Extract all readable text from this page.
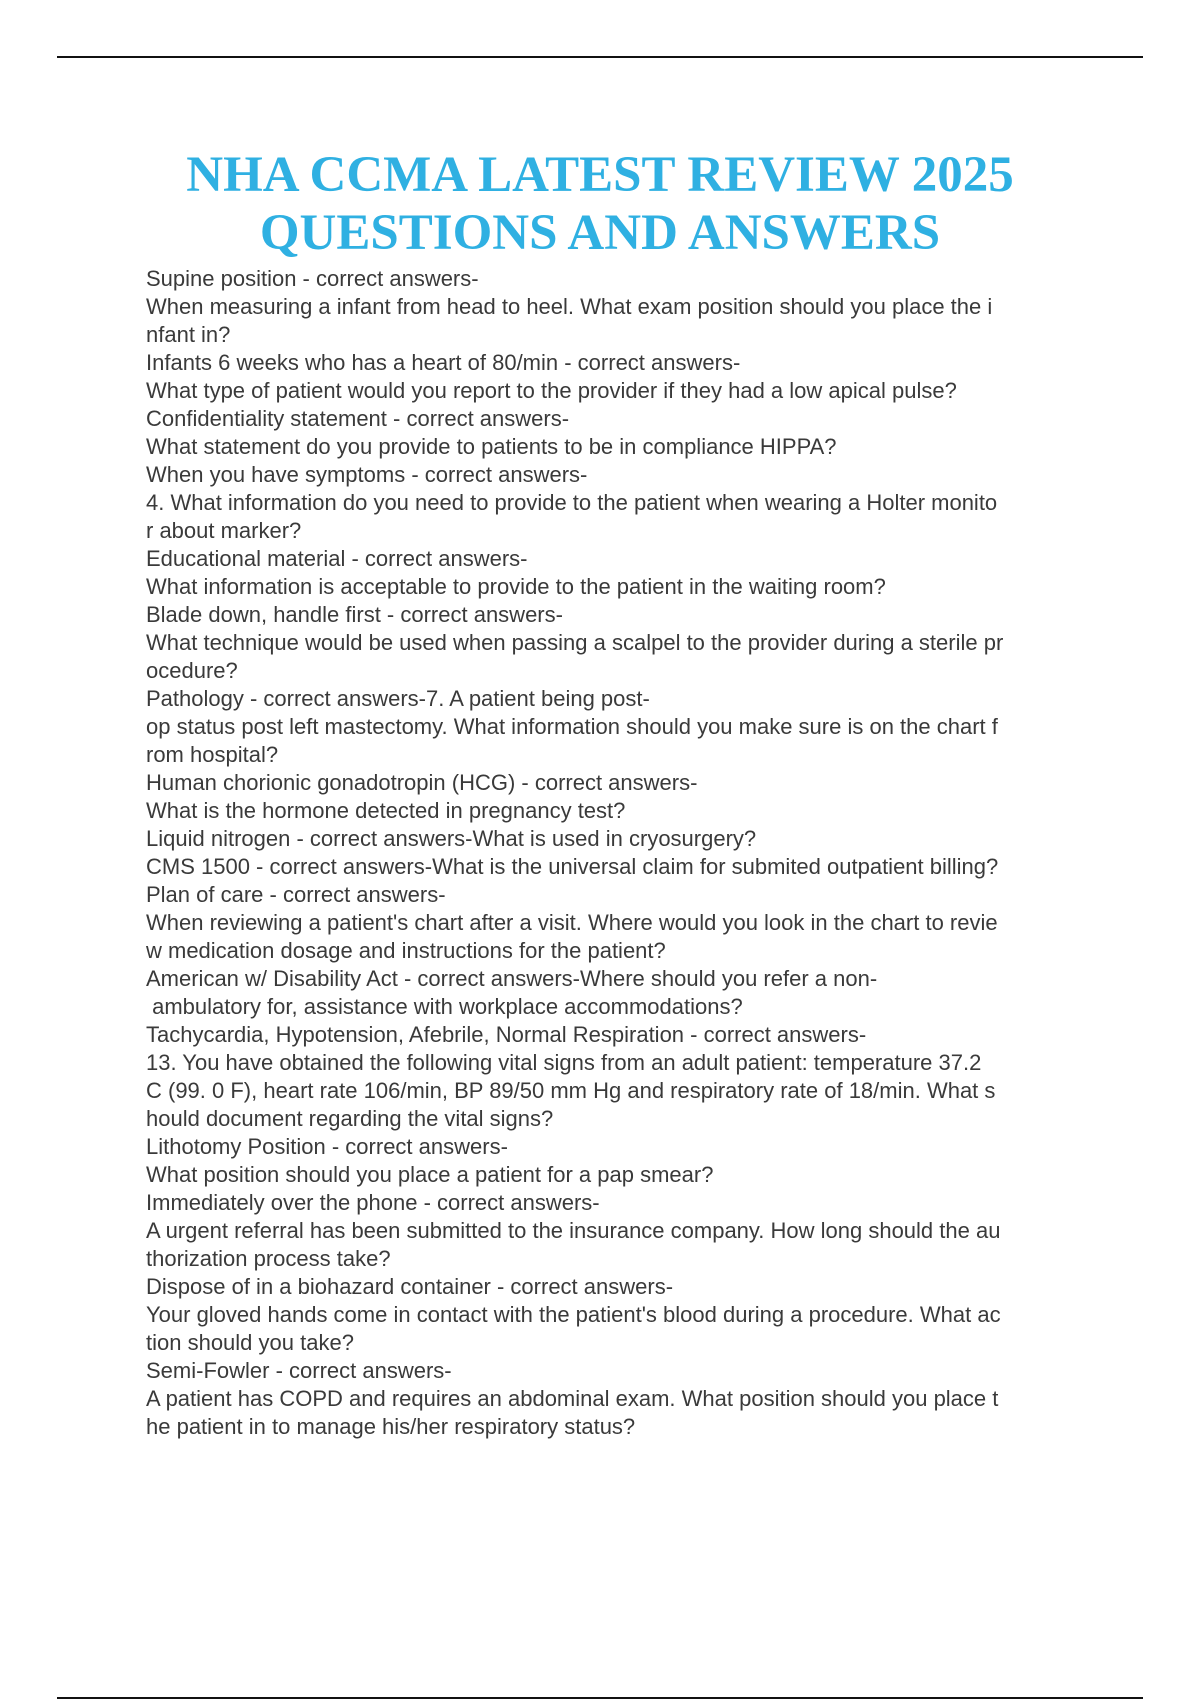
NHA CCMA LATEST REVIEW 2025
QUESTIONS AND ANSWERS
Supine position - correct answers-
When measuring a infant from head to heel. What exam position should you place the i
nfant in?
Infants 6 weeks who has a heart of 80/min - correct answers-
What type of patient would you report to the provider if they had a low apical pulse?
Confidentiality statement - correct answers-
What statement do you provide to patients to be in compliance HIPPA?
When you have symptoms - correct answers-
4. What information do you need to provide to the patient when wearing a Holter monito
r about marker?
Educational material - correct answers-
What information is acceptable to provide to the patient in the waiting room?
Blade down, handle first - correct answers-
What technique would be used when passing a scalpel to the provider during a sterile pr
ocedure?
Pathology - correct answers-7. A patient being post-
op status post left mastectomy. What information should you make sure is on the chart f
rom hospital?
Human chorionic gonadotropin (HCG) - correct answers-
What is the hormone detected in pregnancy test?
Liquid nitrogen - correct answers-What is used in cryosurgery?
CMS 1500 - correct answers-What is the universal claim for submited outpatient billing?
Plan of care - correct answers-
When reviewing a patient's chart after a visit. Where would you look in the chart to revie
w medication dosage and instructions for the patient?
American w/ Disability Act - correct answers-Where should you refer a non-
ambulatory for, assistance with workplace accommodations?
Tachycardia, Hypotension, Afebrile, Normal Respiration - correct answers-
13. You have obtained the following vital signs from an adult patient: temperature 37.2
C (99. 0 F), heart rate 106/min, BP 89/50 mm Hg and respiratory rate of 18/min. What s
hould document regarding the vital signs?
Lithotomy Position - correct answers-
What position should you place a patient for a pap smear?
Immediately over the phone - correct answers-
A urgent referral has been submitted to the insurance company. How long should the au
thorization process take?
Dispose of in a biohazard container - correct answers-
Your gloved hands come in contact with the patient's blood during a procedure. What ac
tion should you take?
Semi-Fowler - correct answers-
A patient has COPD and requires an abdominal exam. What position should you place t
he patient in to manage his/her respiratory status?
